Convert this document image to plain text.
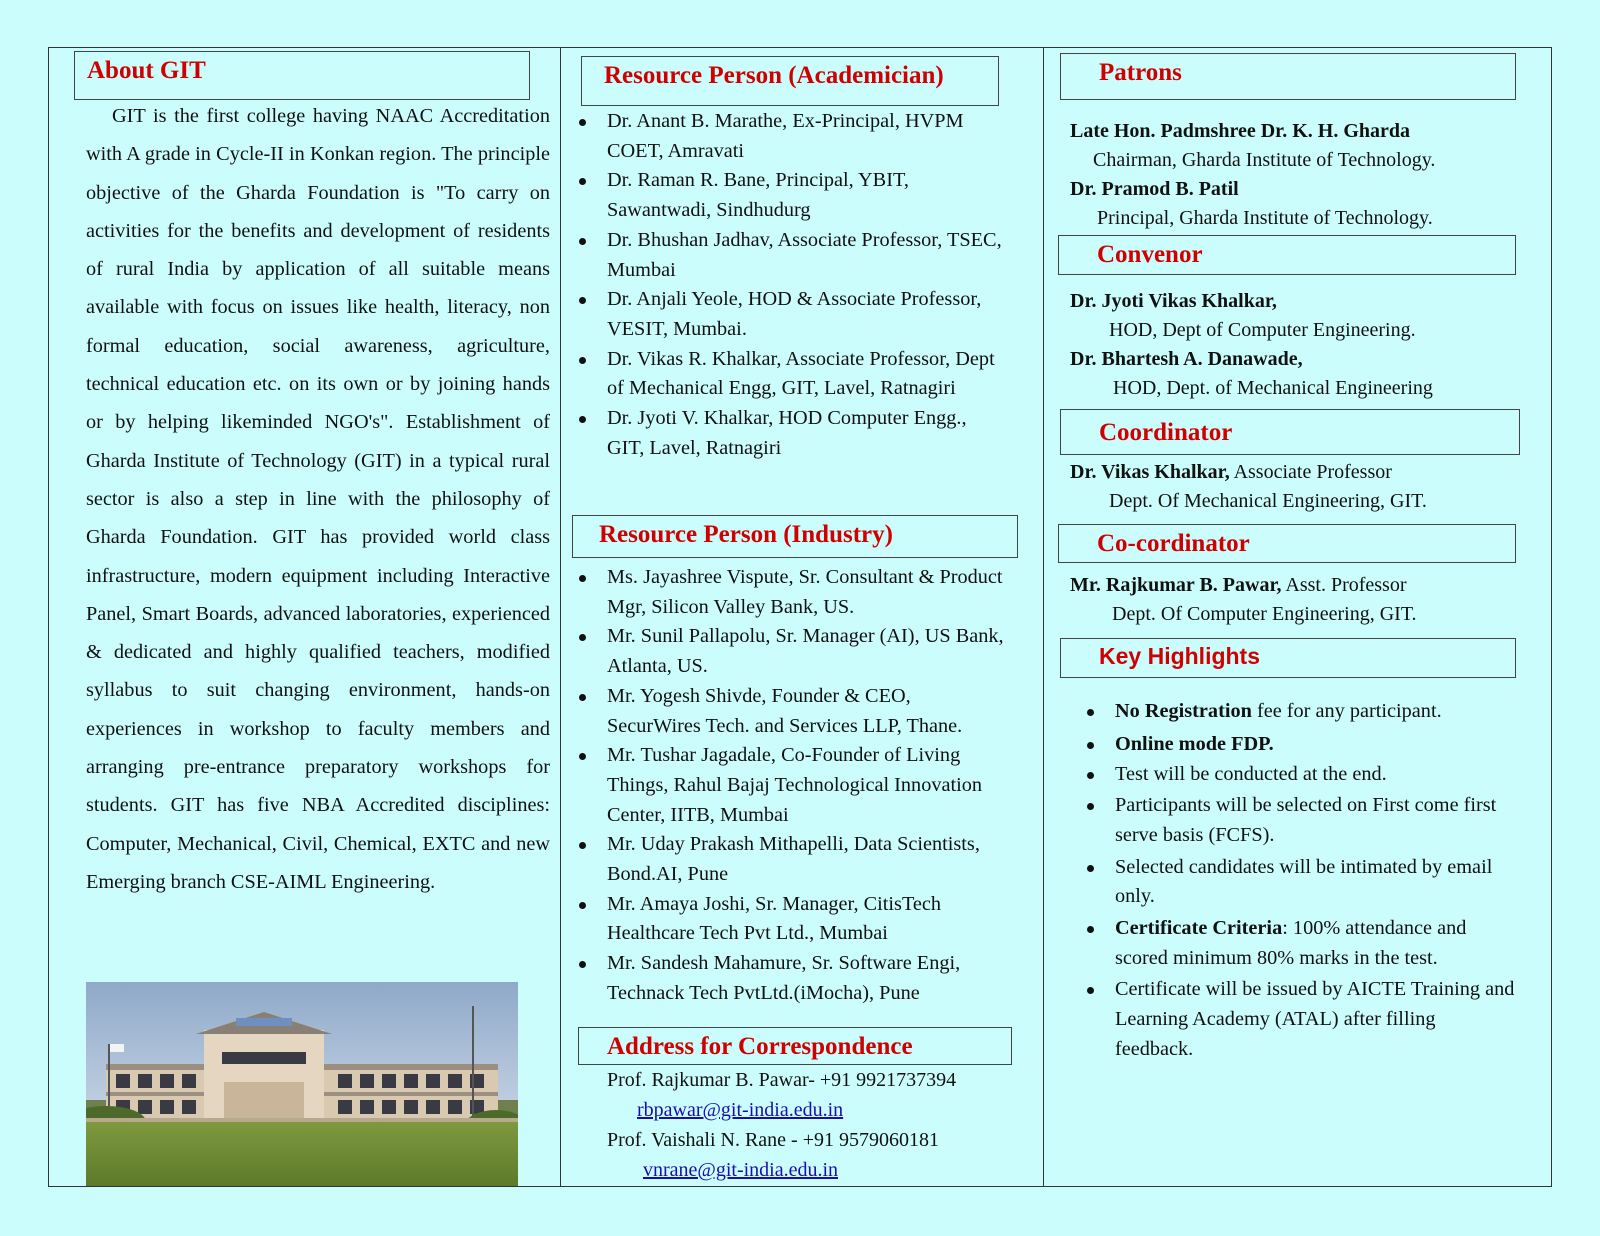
About GIT

GIT is the first college having NAAC Accreditation with A grade in Cycle-II in Konkan region. The principle objective of the Gharda Foundation is "To carry on activities for the benefits and development of residents of rural India by application of all suitable means available with focus on issues like health, literacy, non formal education, social awareness, agriculture, technical education etc. on its own or by joining hands or by helping likeminded NGO's". Establishment of Gharda Institute of Technology (GIT) in a typical rural sector is also a step in line with the philosophy of Gharda Foundation. GIT has provided world class infrastructure, modern equipment including Interactive Panel, Smart Boards, advanced laboratories, experienced & dedicated and highly qualified teachers, modified syllabus to suit changing environment, hands-on experiences in workshop to faculty members and arranging pre-entrance preparatory workshops for students. GIT has five NBA Accredited disciplines: Computer, Mechanical, Civil, Chemical, EXTC and new Emerging branch CSE-AIML Engineering.

Resource Person (Academician)
Dr. Anant B. Marathe, Ex-Principal, HVPM COET, Amravati
Dr. Raman R. Bane, Principal, YBIT, Sawantwadi, Sindhudurg
Dr. Bhushan Jadhav, Associate Professor, TSEC, Mumbai
Dr. Anjali Yeole, HOD & Associate Professor, VESIT, Mumbai.
Dr. Vikas R. Khalkar, Associate Professor, Dept of Mechanical Engg, GIT, Lavel, Ratnagiri
Dr. Jyoti V. Khalkar, HOD Computer Engg., GIT, Lavel, Ratnagiri
Resource Person (Industry)
Ms. Jayashree Vispute, Sr. Consultant & Product Mgr, Silicon Valley Bank, US.
Mr. Sunil Pallapolu, Sr. Manager (AI), US Bank, Atlanta, US.
Mr. Yogesh Shivde, Founder & CEO, SecurWires Tech. and Services LLP, Thane.
Mr. Tushar Jagadale, Co-Founder of Living Things, Rahul Bajaj Technological Innovation Center, IITB, Mumbai
Mr. Uday Prakash Mithapelli, Data Scientists, Bond.AI, Pune
Mr. Amaya Joshi, Sr. Manager, CitisTech Healthcare Tech Pvt Ltd., Mumbai
Mr. Sandesh Mahamure, Sr. Software Engi, Technack Tech PvtLtd.(iMocha), Pune
Address for Correspondence
Prof. Rajkumar B. Pawar- +91 9921737394
rbpawar@git-india.edu.in
Prof. Vaishali N. Rane - +91 9579060181
vnrane@git-india.edu.in
Patrons
Late Hon. Padmshree Dr. K. H. Gharda
Chairman, Gharda Institute of Technology.
Dr. Pramod B. Patil
Principal, Gharda Institute of Technology.
Convenor
Dr. Jyoti Vikas Khalkar,
HOD, Dept of Computer Engineering.
Dr. Bhartesh A. Danawade,
HOD, Dept. of Mechanical Engineering
Coordinator
Dr. Vikas Khalkar, Associate Professor
Dept. Of Mechanical Engineering, GIT.
Co-cordinator
Mr. Rajkumar B. Pawar, Asst. Professor
Dept. Of Computer Engineering, GIT.
Key Highlights
No Registration fee for any participant.
Online mode FDP.
Test will be conducted at the end.
Participants will be selected on First come first serve basis (FCFS).
Selected candidates will be intimated by email only.
Certificate Criteria: 100% attendance and scored minimum 80% marks in the test.
Certificate will be issued by AICTE Training and Learning Academy (ATAL) after filling feedback.
